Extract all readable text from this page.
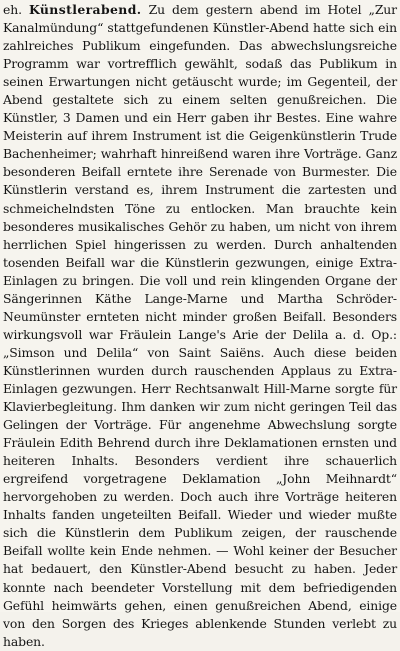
eh. Künstlerabend. Zu dem gestern abend im Hotel „Zur Kanalmündung“ stattgefundenen Künstler-Abend hatte sich ein zahlreiches Publikum eingefunden. Das abwechslungsreiche Programm war vortrefflich gewählt, sodaß das Publikum in seinen Erwartungen nicht getäuscht wurde; im Gegenteil, der Abend gestaltete sich zu einem selten genußreichen. Die Künstler, 3 Damen und ein Herr gaben ihr Bestes. Eine wahre Meisterin auf ihrem Instrument ist die Geigenkünstlerin Trude Bachenheimer; wahrhaft hinreißend waren ihre Vorträge. Ganz besonderen Beifall erntete ihre Serenade von Burmester. Die Künstlerin verstand es, ihrem Instrument die zartesten und schmeichelndsten Töne zu entlocken. Man brauchte kein besonderes musikalisches Gehör zu haben, um nicht von ihrem herrlichen Spiel hingerissen zu werden. Durch anhaltenden tosenden Beifall war die Künstlerin gezwungen, einige Extra-Einlagen zu bringen. Die voll und rein klingenden Organe der Sängerinnen Käthe Lange-Marne und Martha Schröder-Neumünster ernteten nicht minder großen Beifall. Besonders wirkungsvoll war Fräulein Lange's Arie der Delila a. d. Op.: „Simson und Delila“ von Saint Saiëns. Auch diese beiden Künstlerinnen wurden durch rauschenden Applaus zu Extra-Einlagen gezwungen. Herr Rechtsanwalt Hill-Marne sorgte für Klavierbegleitung. Ihm danken wir zum nicht geringen Teil das Gelingen der Vorträge. Für angenehme Abwechslung sorgte Fräulein Edith Behrend durch ihre Deklamationen ernsten und heiteren Inhalts. Besonders verdient ihre schauerlich ergreifend vorgetragene Deklamation „John Meihnardt“ hervorgehoben zu werden. Doch auch ihre Vorträge heiteren Inhalts fanden ungeteilten Beifall. Wieder und wieder mußte sich die Künstlerin dem Publikum zeigen, der rauschende Beifall wollte kein Ende nehmen. — Wohl keiner der Besucher hat bedauert, den Künstler-Abend besucht zu haben. Jeder konnte nach beendeter Vorstellung mit dem befriedigenden Gefühl heimwärts gehen, einen genußreichen Abend, einige von den Sorgen des Krieges ablenkende Stunden verlebt zu haben.
